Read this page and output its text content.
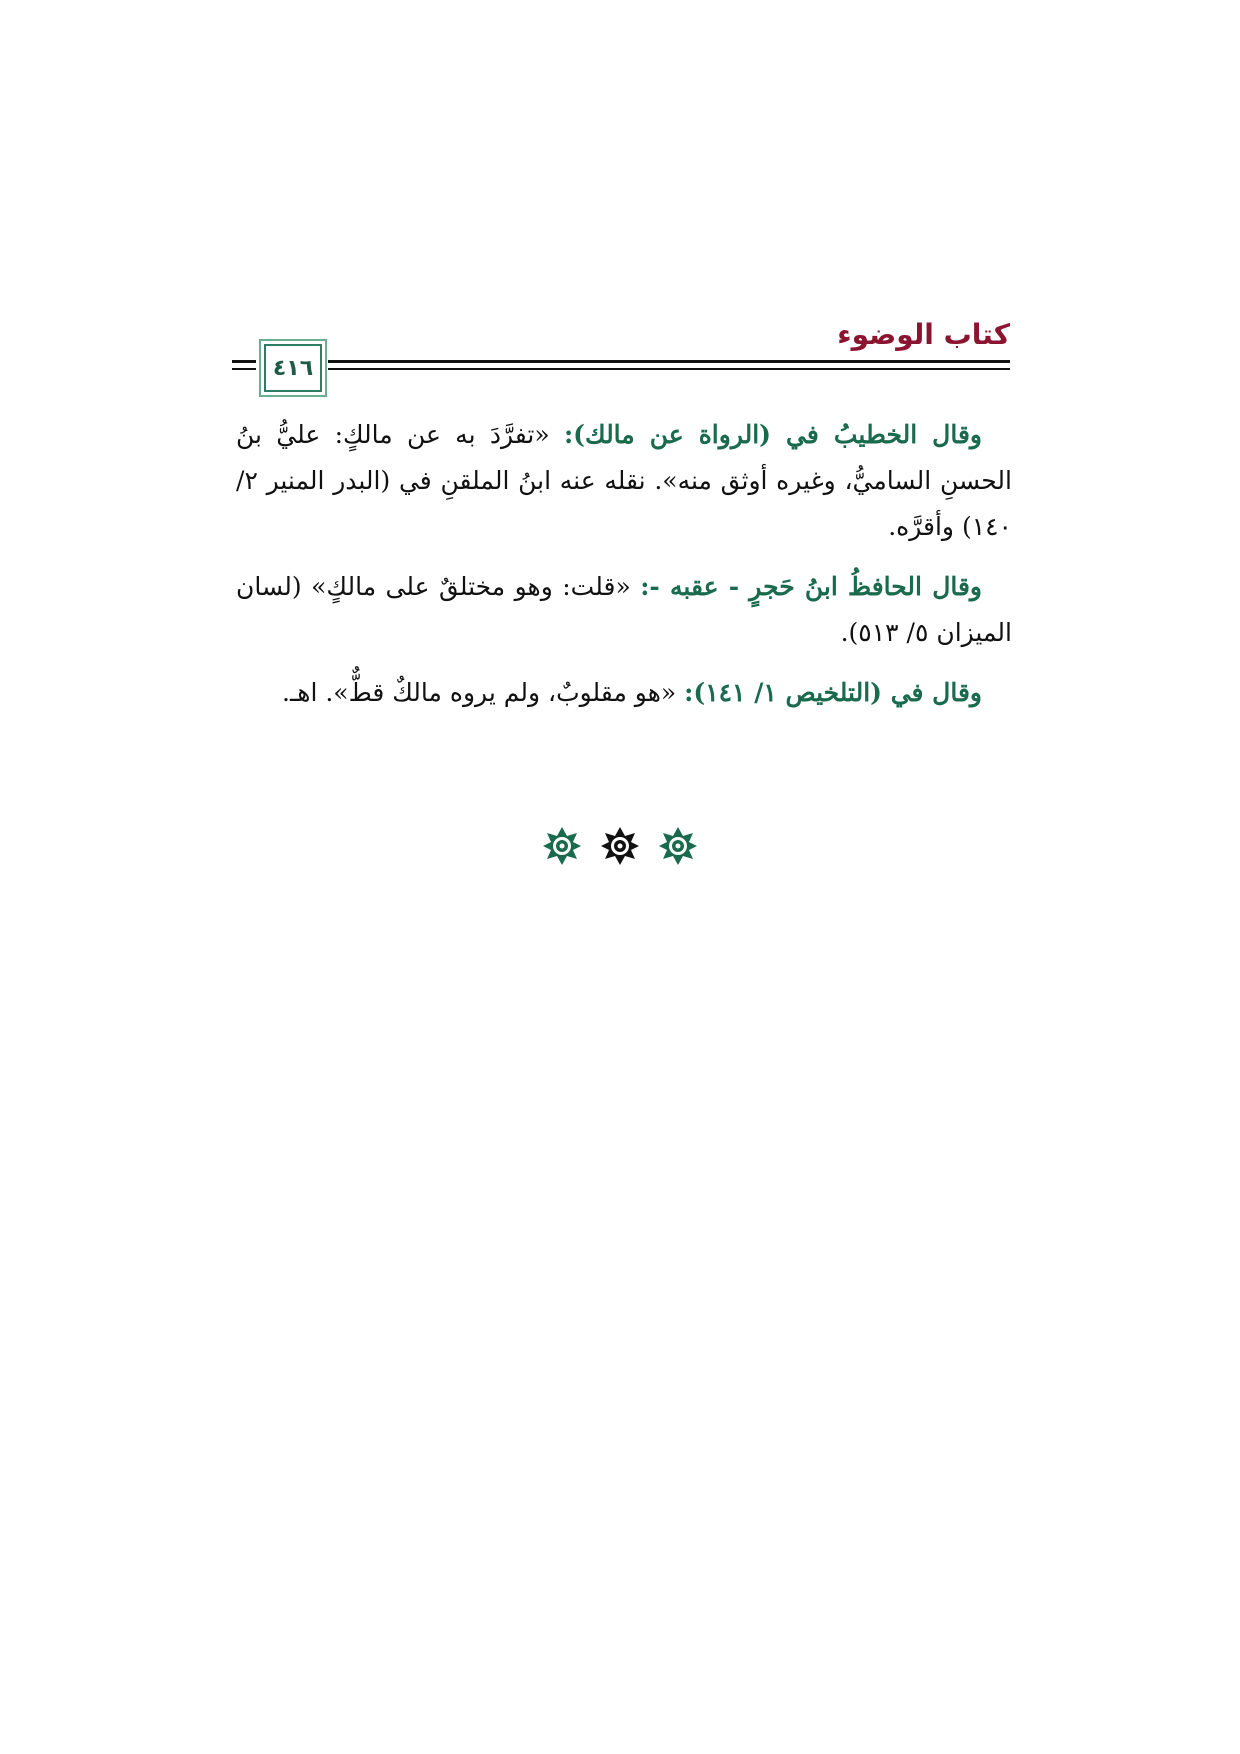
كتاب الوضوء
٤١٦

وقال الخطيبُ في (الرواة عن مالك): «تفرَّدَ به عن مالكٍ: عليُّ بنُ الحسنِ الساميُّ، وغيره أوثق منه». نقله عنه ابنُ الملقنِ في (البدر المنير ٢/ ١٤٠) وأقرَّه.

وقال الحافظُ ابنُ حَجرٍ - عقبه -: «قلت: وهو مختلقٌ على مالكٍ» (لسان الميزان ٥/ ٥١٣).

وقال في (التلخيص ١/ ١٤١): «هو مقلوبٌ، ولم يروه مالكٌ قطٌّ». اهـ.
